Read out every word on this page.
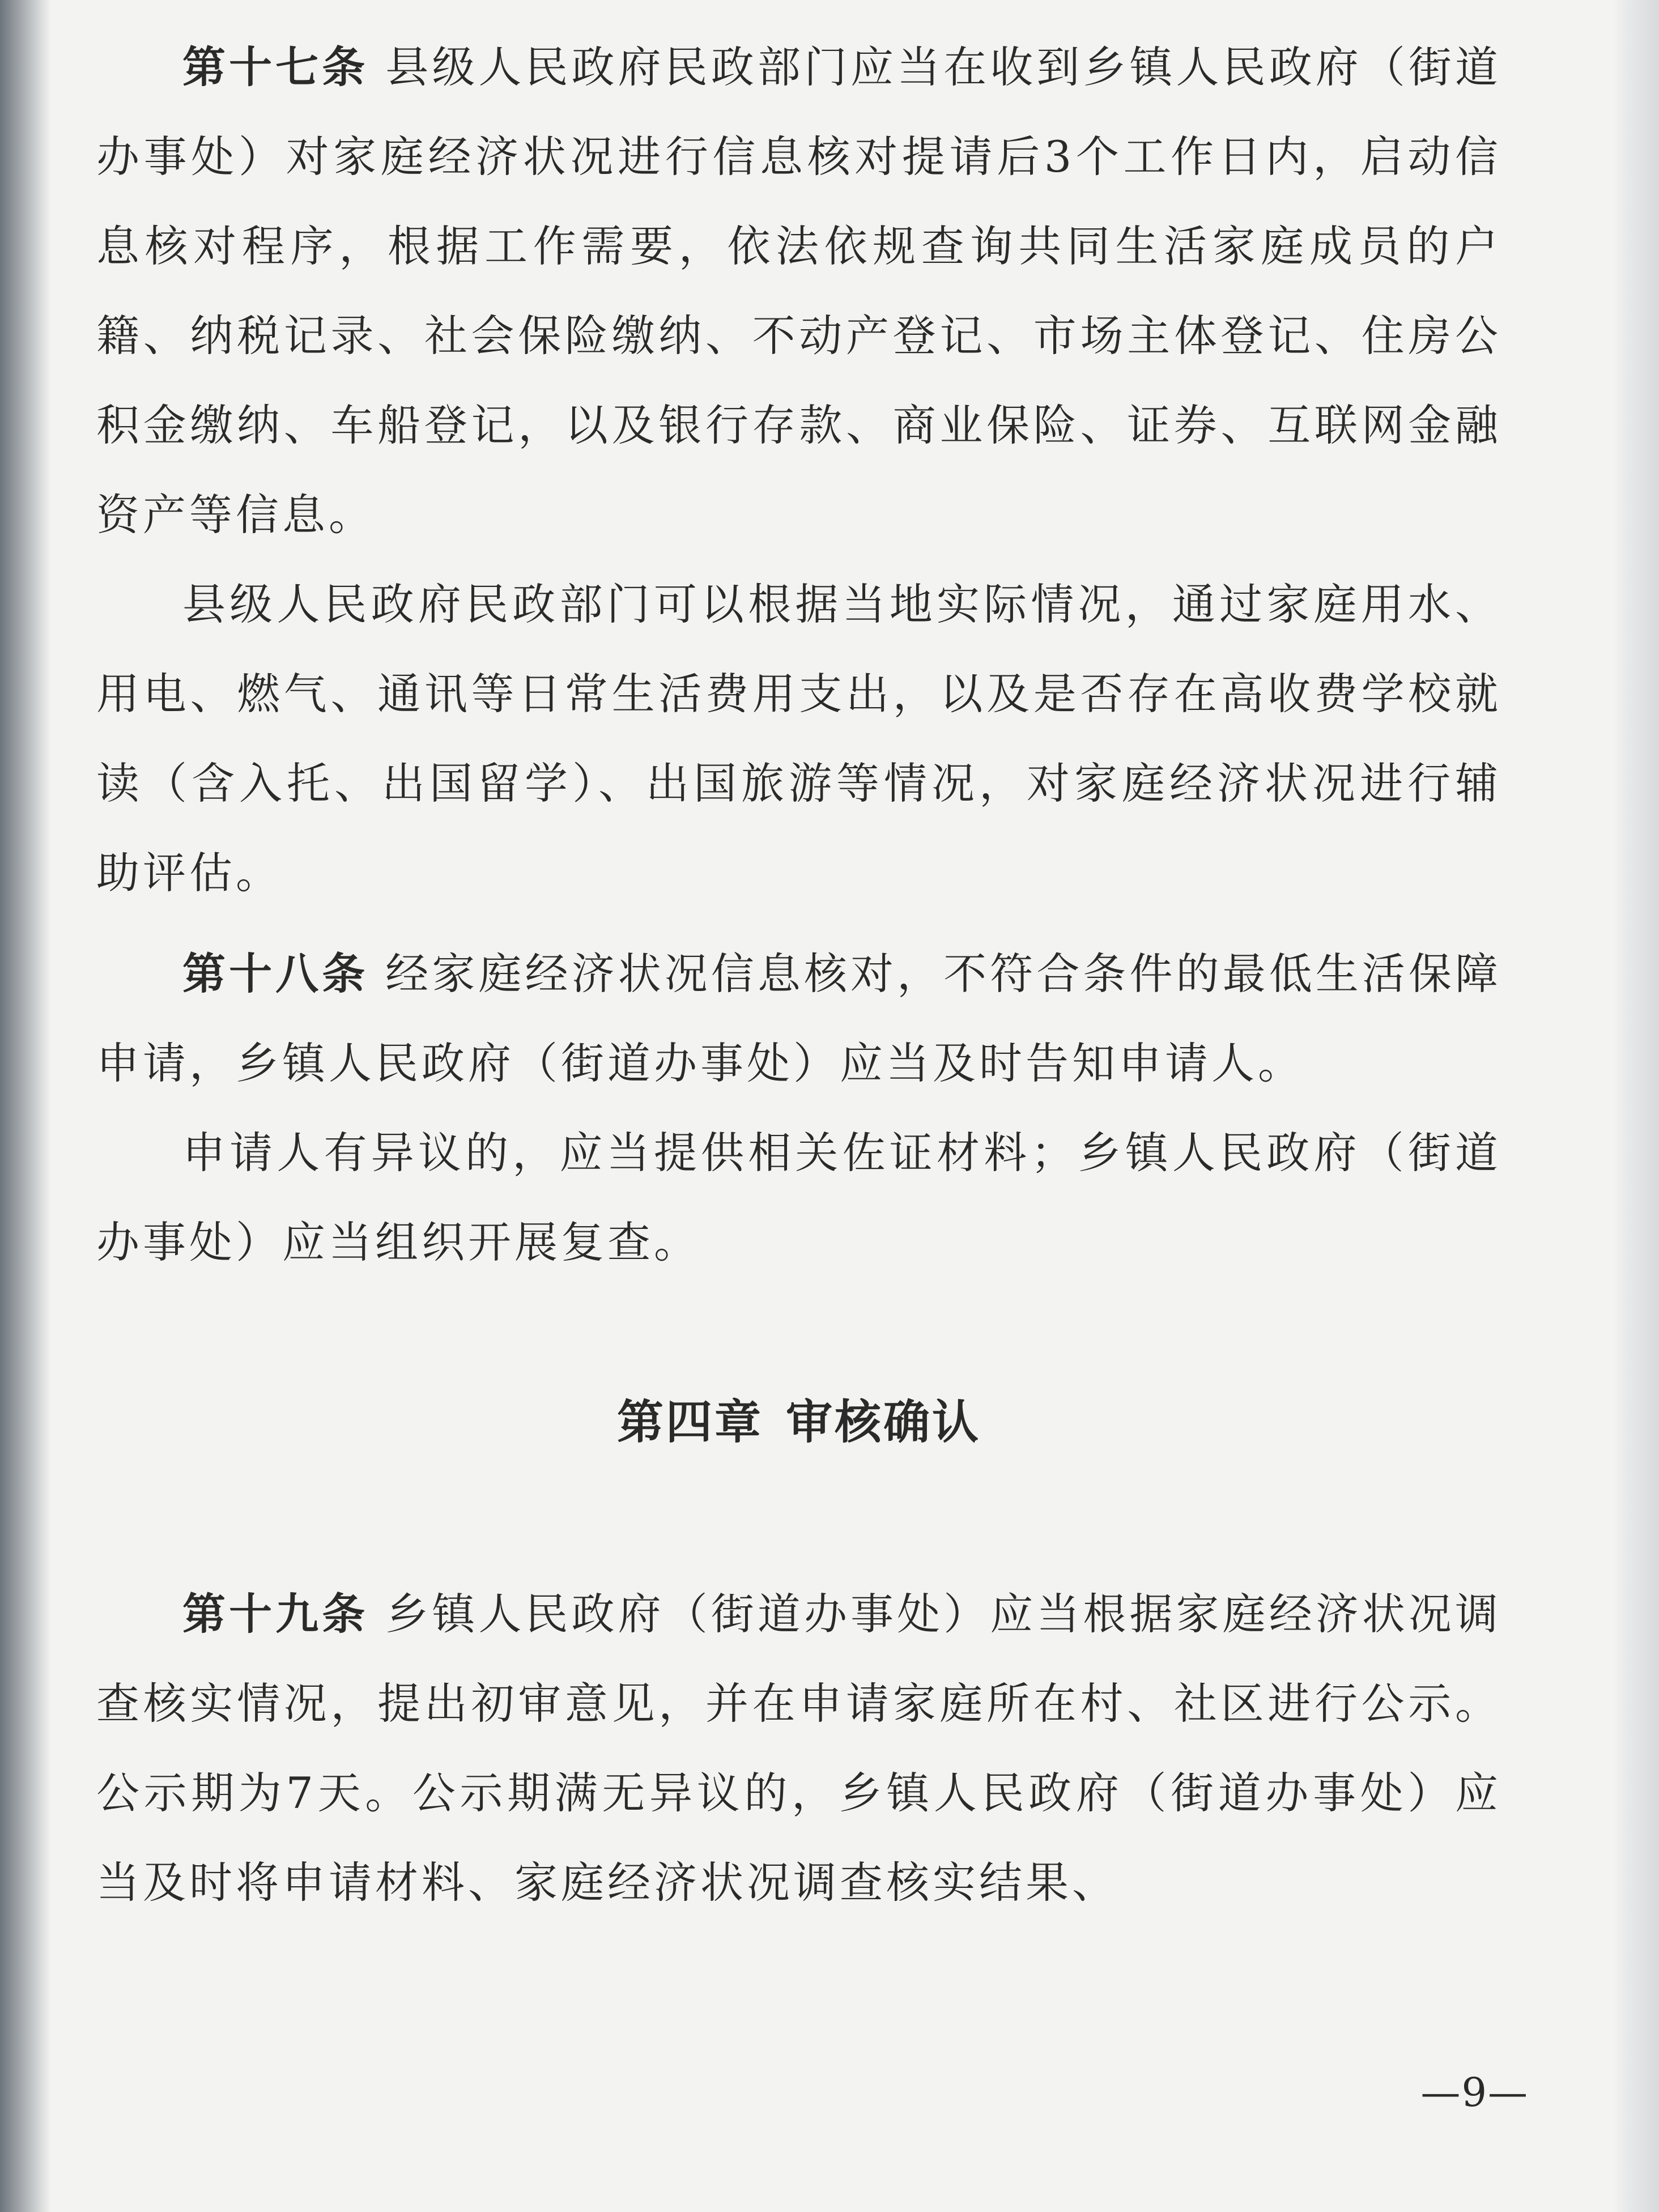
第十七条 县级人民政府民政部门应当在收到乡镇人民政府（街道办事处）对家庭经济状况进行信息核对提请后3个工作日内，启动信息核对程序，根据工作需要，依法依规查询共同生活家庭成员的户籍、纳税记录、社会保险缴纳、不动产登记、市场主体登记、住房公积金缴纳、车船登记，以及银行存款、商业保险、证券、互联网金融资产等信息。

县级人民政府民政部门可以根据当地实际情况，通过家庭用水、用电、燃气、通讯等日常生活费用支出，以及是否存在高收费学校就读（含入托、出国留学）、出国旅游等情况，对家庭经济状况进行辅助评估。

第十八条 经家庭经济状况信息核对，不符合条件的最低生活保障申请，乡镇人民政府（街道办事处）应当及时告知申请人。

申请人有异议的，应当提供相关佐证材料；乡镇人民政府（街道办事处）应当组织开展复查。

第四章 审核确认

第十九条 乡镇人民政府（街道办事处）应当根据家庭经济状况调查核实情况，提出初审意见，并在申请家庭所在村、社区进行公示。公示期为7天。公示期满无异议的，乡镇人民政府（街道办事处）应当及时将申请材料、家庭经济状况调查核实结果、

—9—
